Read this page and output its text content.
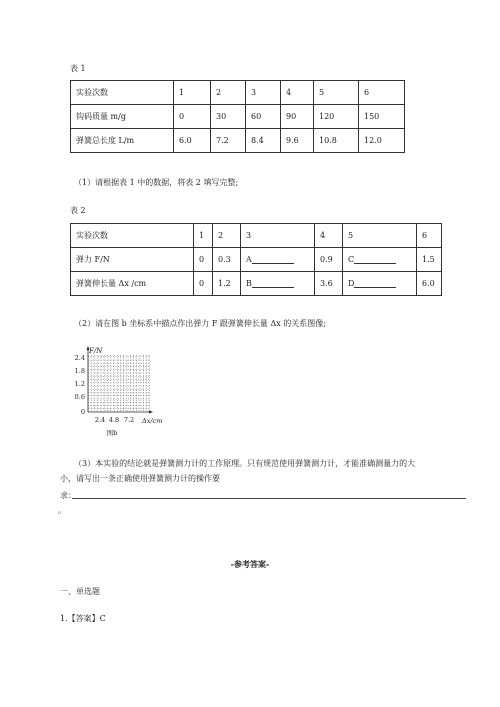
表 1
实验次数	1	2	3	4	5	6
钩码质量 m/g	0	30	60	90	120	150
弹簧总长度 L/m	6.0	7.2	8.4	9.6	10.8	12.0
（1）请根据表 1 中的数据，将表 2 填写完整;
表 2
实验次数	1	2	3	4	5	6
弹力 F/N	0	0.3	A	0.9	C	1.5
弹簧伸长量 Δx /cm	0	1.2	B	3.6	D	6.0
（2）请在图 b 坐标系中描点作出弹力 F 跟弹簧伸长量 Δx 的关系图像;
F/N
2.4
1.8
1.2
0.6
0
2.4 4.8 7.2 Δx/cm
图b
（3）本实验的结论就是弹簧测力计的工作原理。只有规范使用弹簧测力计，才能准确测量力的大
小，请写出一条正确使用弹簧测力计的操作要
求：
。
-参考答案-
一、单选题
1.【答案】C
